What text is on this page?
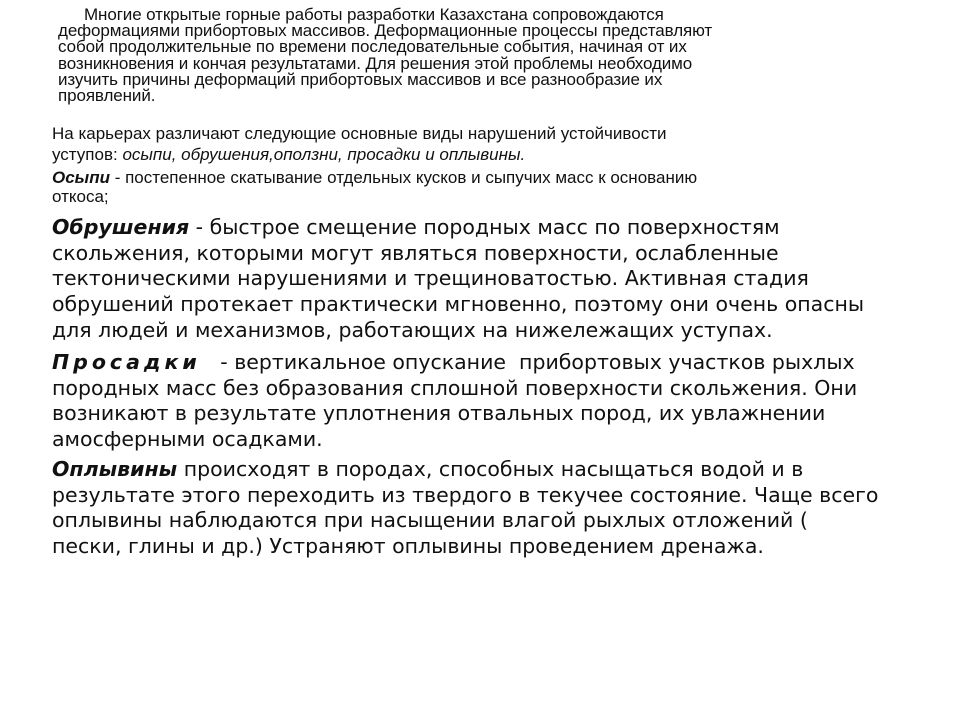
Многие открытые горные работы разработки Казахстана сопровождаются
деформациями прибортовых массивов. Деформационные процессы представляют
собой продолжительные по времени последовательные события, начиная от их
возникновения и кончая результатами. Для решения этой проблемы необходимо
изучить причины деформаций прибортовых массивов и все разнообразие их
проявлений.
На карьерах различают следующие основные виды нарушений устойчивости
уступов: осыпи, обрушения,оползни, просадки и оплывины.
Осыпи - постепенное скатывание отдельных кусков и сыпучих масс к основанию
откоса;
Обрушения - быстрое смещение породных масс по поверхностям
скольжения, которыми могут являться поверхности, ослабленные
тектоническими нарушениями и трещиноватостью. Активная стадия
обрушений протекает практически мгновенно, поэтому они очень опасны
для людей и механизмов, работающих на нижележащих уступах.
Просадки   - вертикальное опускание  прибортовых участков рыхлых
породных масс без образования сплошной поверхности скольжения. Они
возникают в результате уплотнения отвальных пород, их увлажнении
амосферными осадками.
Оплывины происходят в породах, способных насыщаться водой и в
результате этого переходить из твердого в текучее состояние. Чаще всего
оплывины наблюдаются при насыщении влагой рыхлых отложений (
пески, глины и др.) Устраняют оплывины проведением дренажа.
